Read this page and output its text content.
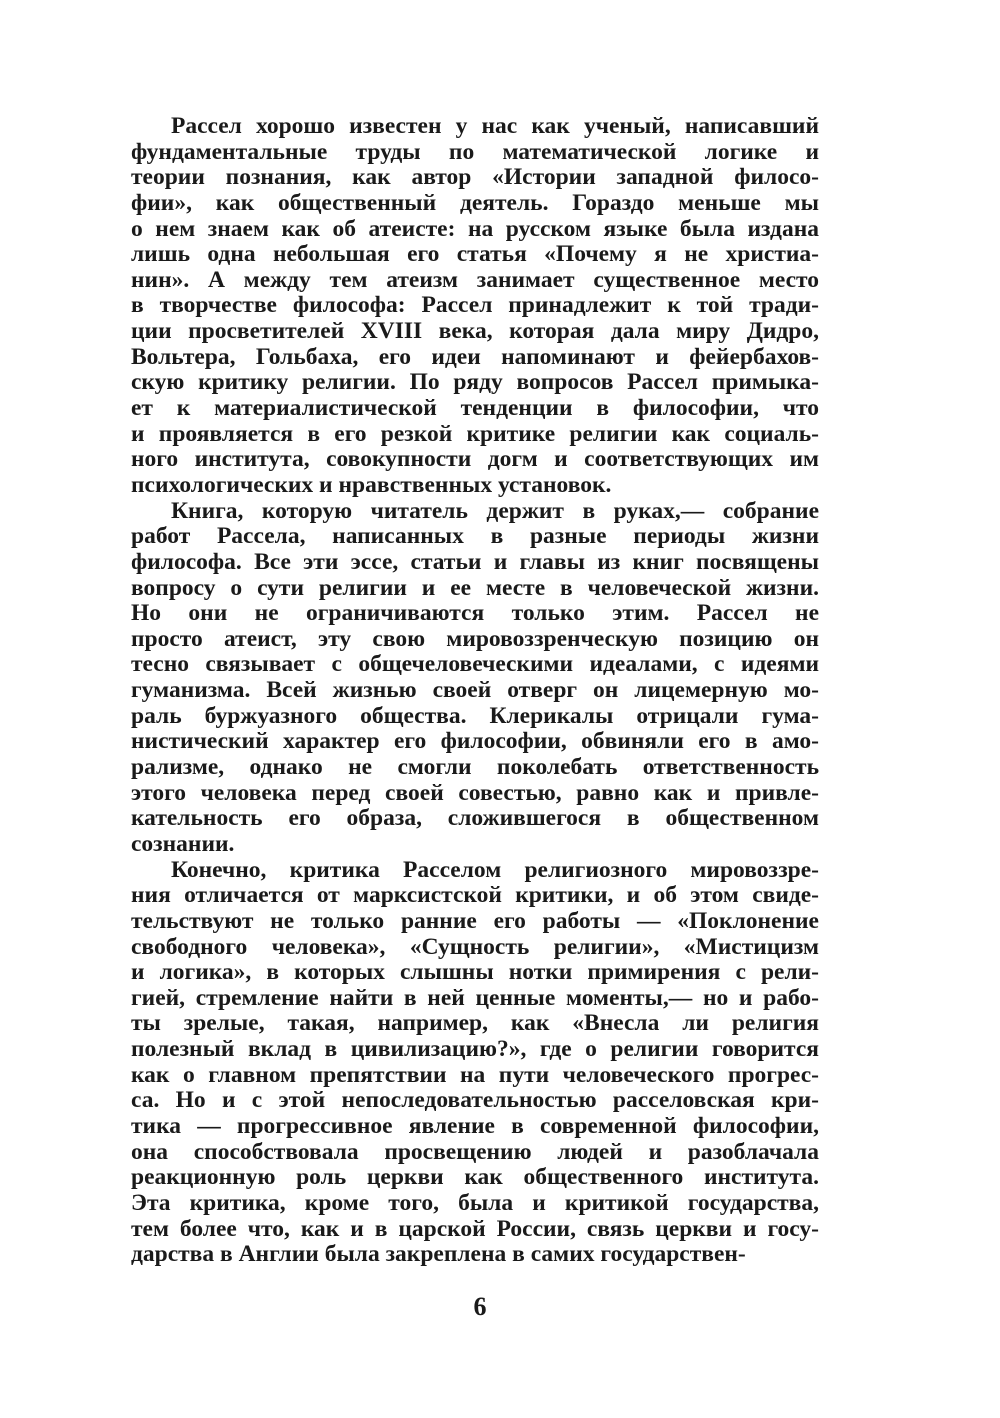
Рассел хорошо известен у нас как ученый, написавший
фундаментальные труды по математической логике и
теории познания, как автор «Истории западной филосо-
фии», как общественный деятель. Гораздо меньше мы
о нем знаем как об атеисте: на русском языке была издана
лишь одна небольшая его статья «Почему я не христиа-
нин». А между тем атеизм занимает существенное место
в творчестве философа: Рассел принадлежит к той тради-
ции просветителей XVIII века, которая дала миру Дидро,
Вольтера, Гольбаха, его идеи напоминают и фейербахов-
скую критику религии. По ряду вопросов Рассел примыка-
ет к материалистической тенденции в философии, что
и проявляется в его резкой критике религии как социаль-
ного института, совокупности догм и соответствующих им
психологических и нравственных установок.
Книга, которую читатель держит в руках,— собрание
работ Рассела, написанных в разные периоды жизни
философа. Все эти эссе, статьи и главы из книг посвящены
вопросу о сути религии и ее месте в человеческой жизни.
Но они не ограничиваются только этим. Рассел не
просто атеист, эту свою мировоззренческую позицию он
тесно связывает с общечеловеческими идеалами, с идеями
гуманизма. Всей жизнью своей отверг он лицемерную мо-
раль буржуазного общества. Клерикалы отрицали гума-
нистический характер его философии, обвиняли его в амо-
рализме, однако не смогли поколебать ответственность
этого человека перед своей совестью, равно как и привле-
кательность его образа, сложившегося в общественном
сознании.
Конечно, критика Расселом религиозного мировоззре-
ния отличается от марксистской критики, и об этом свиде-
тельствуют не только ранние его работы — «Поклонение
свободного человека», «Сущность религии», «Мистицизм
и логика», в которых слышны нотки примирения с рели-
гией, стремление найти в ней ценные моменты,— но и рабо-
ты зрелые, такая, например, как «Внесла ли религия
полезный вклад в цивилизацию?», где о религии говорится
как о главном препятствии на пути человеческого прогрес-
са. Но и с этой непоследовательностью расселовская кри-
тика — прогрессивное явление в современной философии,
она способствовала просвещению людей и разоблачала
реакционную роль церкви как общественного института.
Эта критика, кроме того, была и критикой государства,
тем более что, как и в царской России, связь церкви и госу-
дарства в Англии была закреплена в самих государствен-
6
